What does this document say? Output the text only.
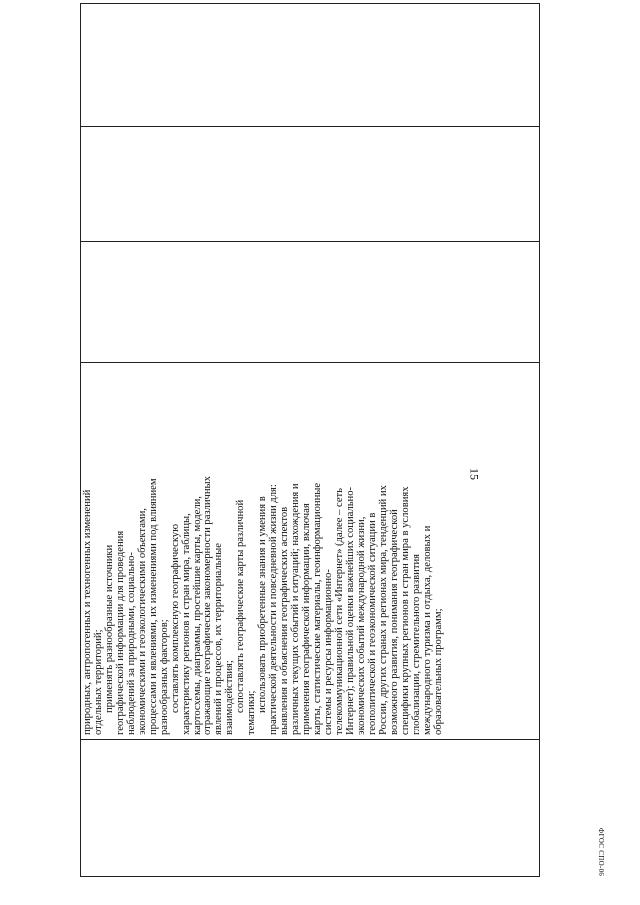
15

природных, антропогенных и техногенных изменений отдельных территорий; применять разнообразные источники географической информации для проведения наблюдений за природными, социально- экономическими и геоэкологическими объектами, процессами и явлениями, их изменениями под влиянием разнообразных факторов; составлять комплексную географическую характеристику регионов и стран мира, таблицы, картосхемы, диаграммы, простейшие карты, модели, отражающие географические закономерности различных явлений и процессов, их территориальные взаимодействия; сопоставлять географические карты различной тематики; использовать приобретенные знания и умения в практической деятельности и повседневной жизни для: выявления и объяснения географических аспектов различных текущих событий и ситуаций; нахождения и применения географической информации, включая карты, статистические материалы, геоинформационные системы и ресурсы информационно- телекоммуникационной сети «Интернет» (далее – сеть Интернет); правильной оценки важнейших социально- экономических событий международной жизни, геополитической и геоэкономической ситуации в России, других странах и регионах мира, тенденций их возможного развития, понимания географической специфики крупных регионов и стран мира в условиях глобализации, стремительного развития международного туризма и отдыха, деловых и образовательных программ;

ФГОС СПО-06
